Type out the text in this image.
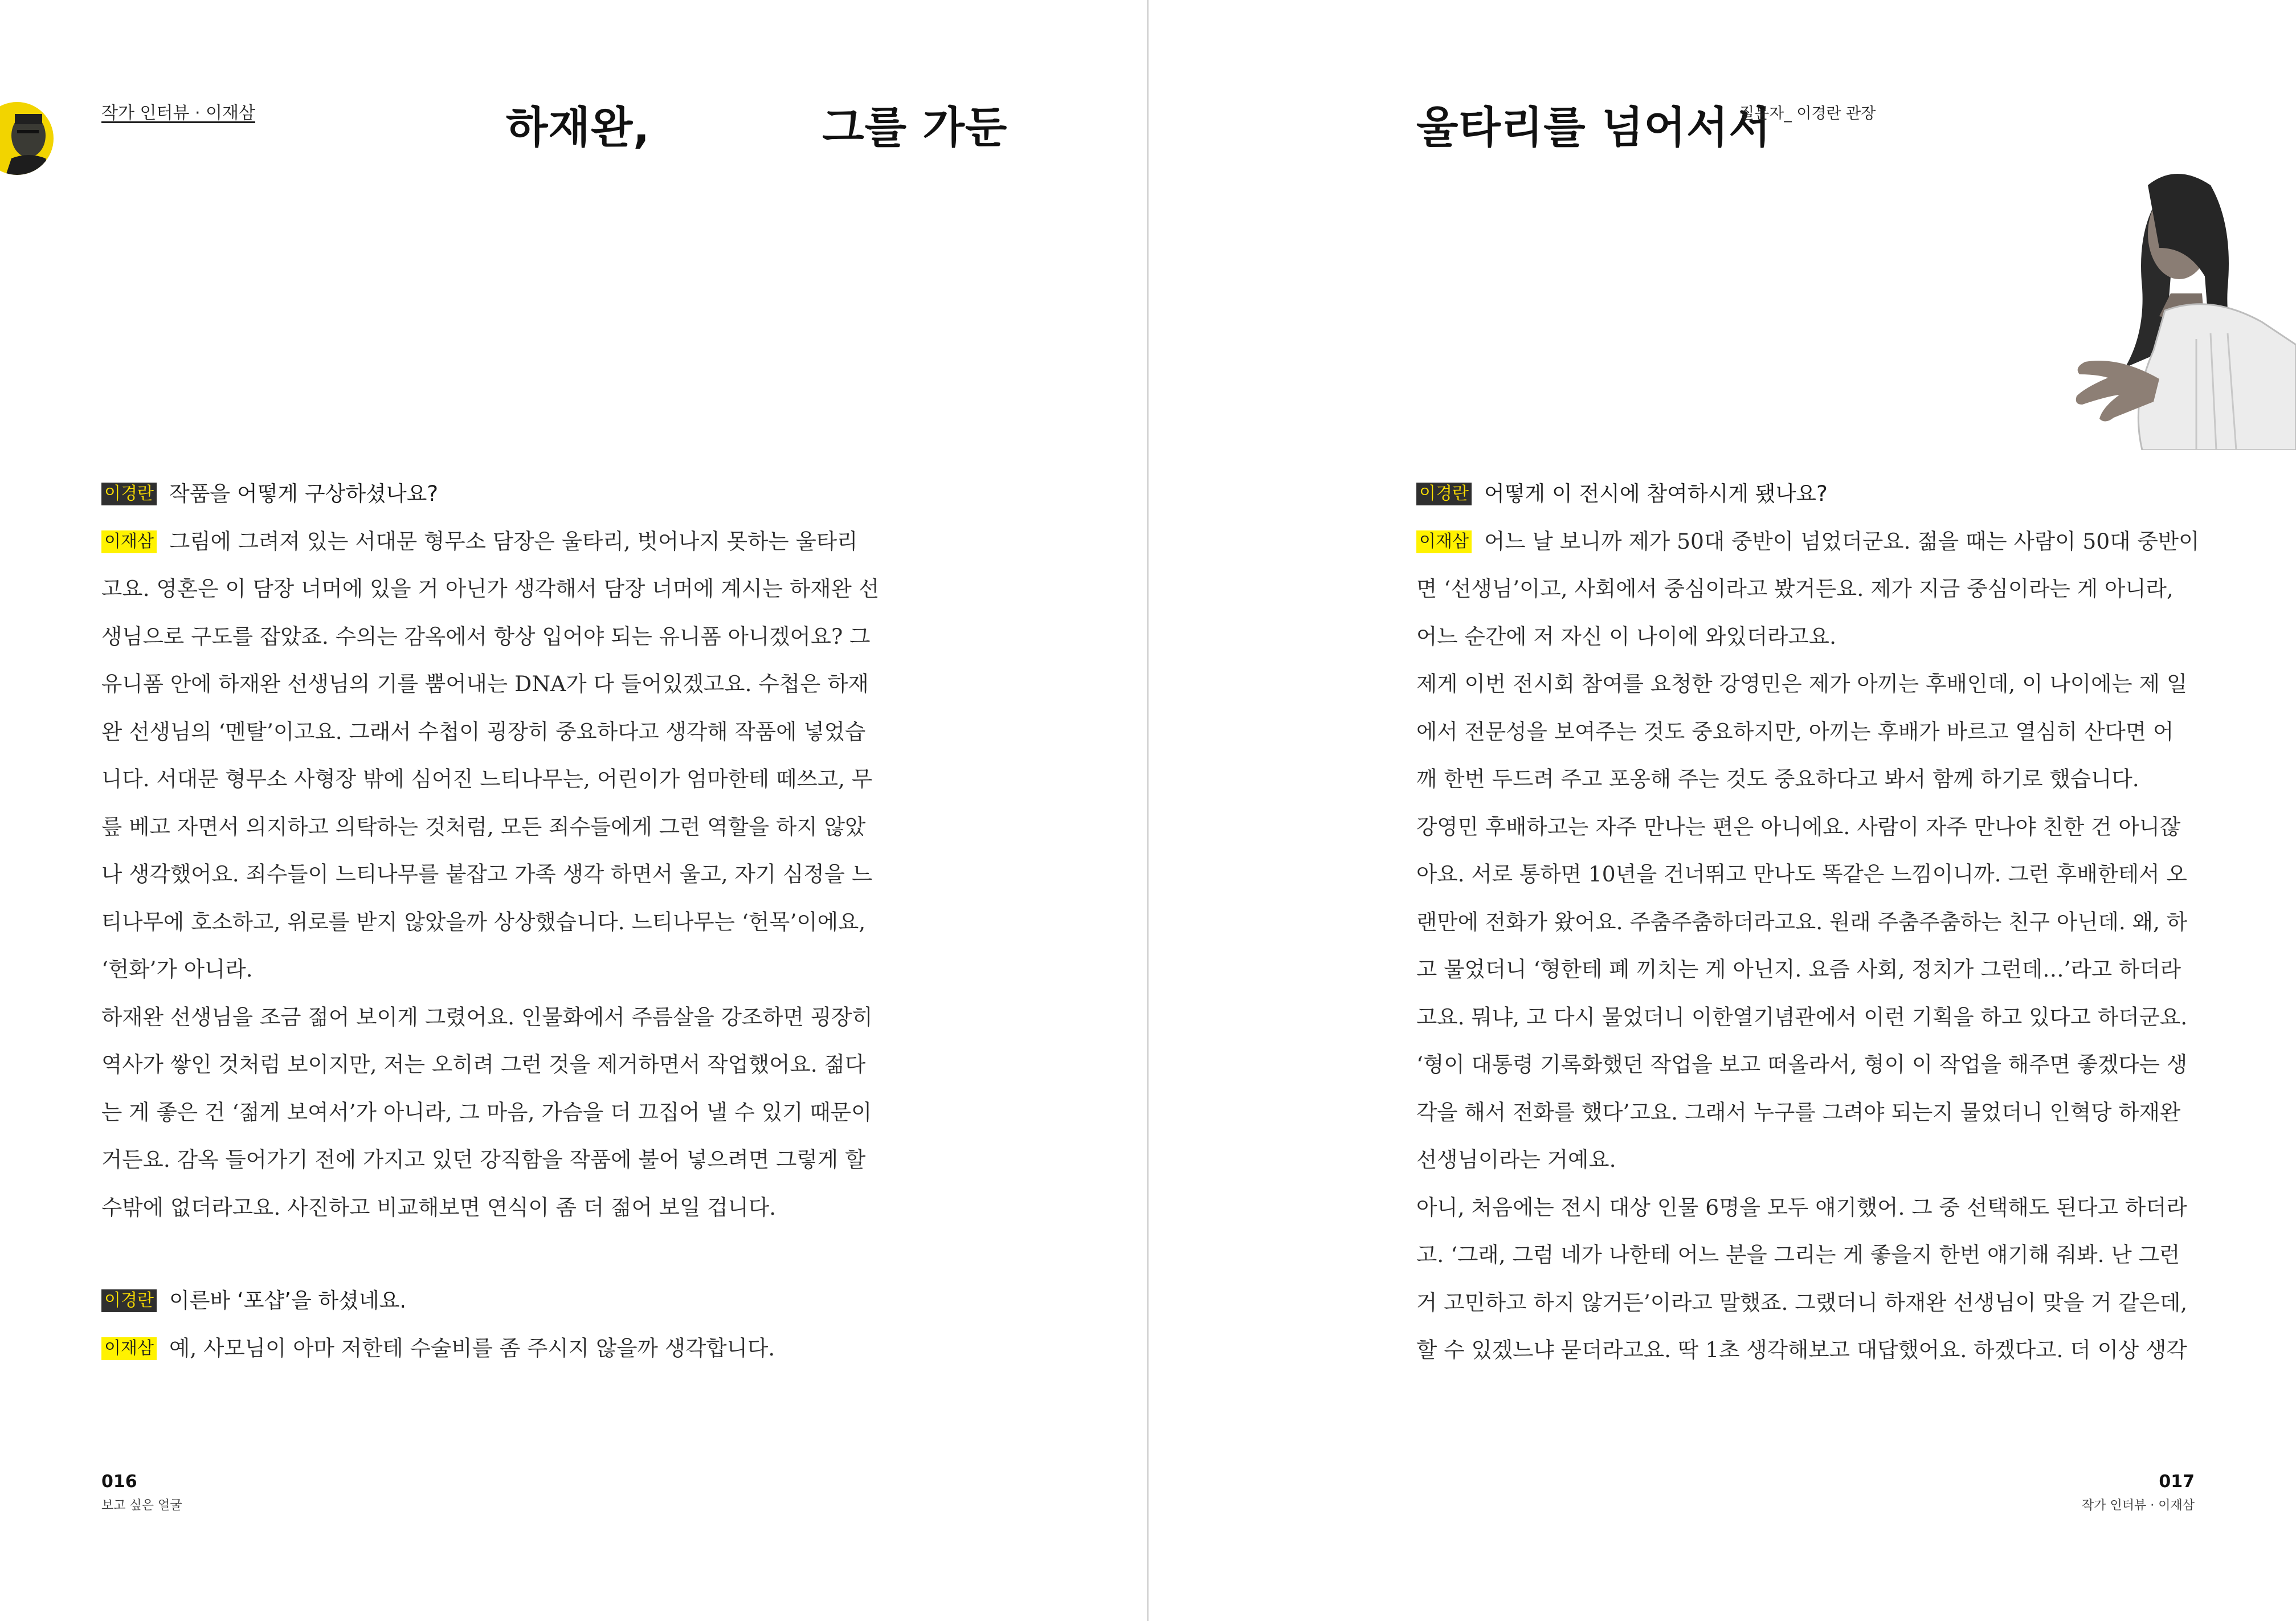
작가 인터뷰 · 이재삼	하재완,           그를 가둔

이경란 작품을 어떻게 구상하셨나요?

이재삼 그림에 그려져 있는 서대문 형무소 담장은 울타리, 벗어나지 못하는 울타리

고요. 영혼은 이 담장 너머에 있을 거 아닌가 생각해서 담장 너머에 계시는 하재완 선

생님으로 구도를 잡았죠. 수의는 감옥에서 항상 입어야 되는 유니폼 아니겠어요? 그

유니폼 안에 하재완 선생님의 기를 뿜어내는 DNA가 다 들어있겠고요. 수첩은 하재

완 선생님의 ‘멘탈’이고요. 그래서 수첩이 굉장히 중요하다고 생각해 작품에 넣었습

니다. 서대문 형무소 사형장 밖에 심어진 느티나무는, 어린이가 엄마한테 떼쓰고, 무

릎 베고 자면서 의지하고 의탁하는 것처럼, 모든 죄수들에게 그런 역할을 하지 않았

나 생각했어요. 죄수들이 느티나무를 붙잡고 가족 생각 하면서 울고, 자기 심정을 느

티나무에 호소하고, 위로를 받지 않았을까 상상했습니다. 느티나무는 ‘헌목’이에요,

‘헌화’가 아니라.

하재완 선생님을 조금 젊어 보이게 그렸어요. 인물화에서 주름살을 강조하면 굉장히

역사가 쌓인 것처럼 보이지만, 저는 오히려 그런 것을 제거하면서 작업했어요. 젊다

는 게 좋은 건 ‘젊게 보여서’가 아니라, 그 마음, 가슴을 더 끄집어 낼 수 있기 때문이

거든요. 감옥 들어가기 전에 가지고 있던 강직함을 작품에 불어 넣으려면 그렇게 할

수밖에 없더라고요. 사진하고 비교해보면 연식이 좀 더 젊어 보일 겁니다.

이경란 이른바 ‘포샵’을 하셨네요.

이재삼 예, 사모님이 아마 저한테 수술비를 좀 주시지 않을까 생각합니다.

016
보고 싶은 얼굴
울타리를 넘어서서
질문자_ 이경란 관장

이경란 어떻게 이 전시에 참여하시게 됐나요?

이재삼 어느 날 보니까 제가 50대 중반이 넘었더군요. 젊을 때는 사람이 50대 중반이

면 ‘선생님’이고, 사회에서 중심이라고 봤거든요. 제가 지금 중심이라는 게 아니라,

어느 순간에 저 자신 이 나이에 와있더라고요.

제게 이번 전시회 참여를 요청한 강영민은 제가 아끼는 후배인데, 이 나이에는 제 일

에서 전문성을 보여주는 것도 중요하지만, 아끼는 후배가 바르고 열심히 산다면 어

깨 한번 두드려 주고 포옹해 주는 것도 중요하다고 봐서 함께 하기로 했습니다.

강영민 후배하고는 자주 만나는 편은 아니에요. 사람이 자주 만나야 친한 건 아니잖

아요. 서로 통하면 10년을 건너뛰고 만나도 똑같은 느낌이니까. 그런 후배한테서 오

랜만에 전화가 왔어요. 주춤주춤하더라고요. 원래 주춤주춤하는 친구 아닌데. 왜, 하

고 물었더니 ‘형한테 폐 끼치는 게 아닌지. 요즘 사회, 정치가 그런데…’라고 하더라

고요. 뭐냐, 고 다시 물었더니 이한열기념관에서 이런 기획을 하고 있다고 하더군요.

‘형이 대통령 기록화했던 작업을 보고 떠올라서, 형이 이 작업을 해주면 좋겠다는 생

각을 해서 전화를 했다’고요. 그래서 누구를 그려야 되는지 물었더니 인혁당 하재완

선생님이라는 거예요.

아니, 처음에는 전시 대상 인물 6명을 모두 얘기했어. 그 중 선택해도 된다고 하더라

고. ‘그래, 그럼 네가 나한테 어느 분을 그리는 게 좋을지 한번 얘기해 줘봐. 난 그런

거 고민하고 하지 않거든’이라고 말했죠. 그랬더니 하재완 선생님이 맞을 거 같은데,

할 수 있겠느냐 묻더라고요. 딱 1초 생각해보고 대답했어요. 하겠다고. 더 이상 생각

017
작가 인터뷰 · 이재삼
